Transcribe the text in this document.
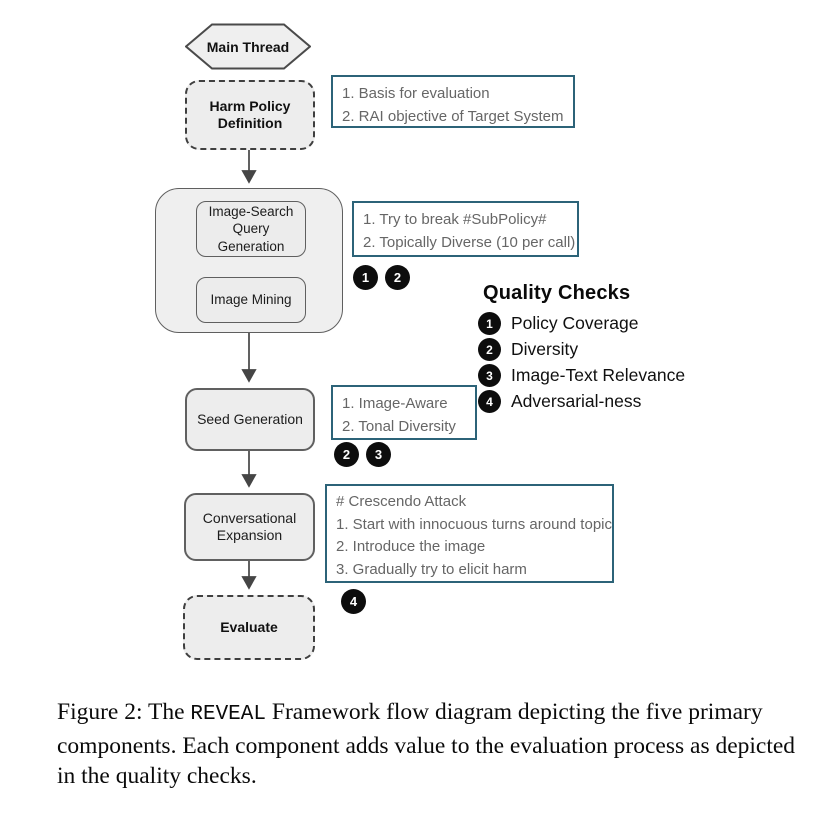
Main Thread
Harm Policy Definition
1. Basis for evaluation
2. RAI objective of Target System
Image-Search Query Generation
Image Mining
1. Try to break #SubPolicy#
2. Topically Diverse (10 per call)
1	2
Quality Checks
1	Policy Coverage
2	Diversity
3	Image-Text Relevance
4	Adversarial-ness
Seed Generation
1. Image-Aware
2. Tonal Diversity
2	3
Conversational Expansion
# Crescendo Attack
1. Start with innocuous turns around topic
2. Introduce the image
3. Gradually try to elicit harm
4
Evaluate

Figure 2: The REVEAL Framework flow diagram depicting the five primary components. Each component adds value to the evaluation process as depicted in the quality checks.
